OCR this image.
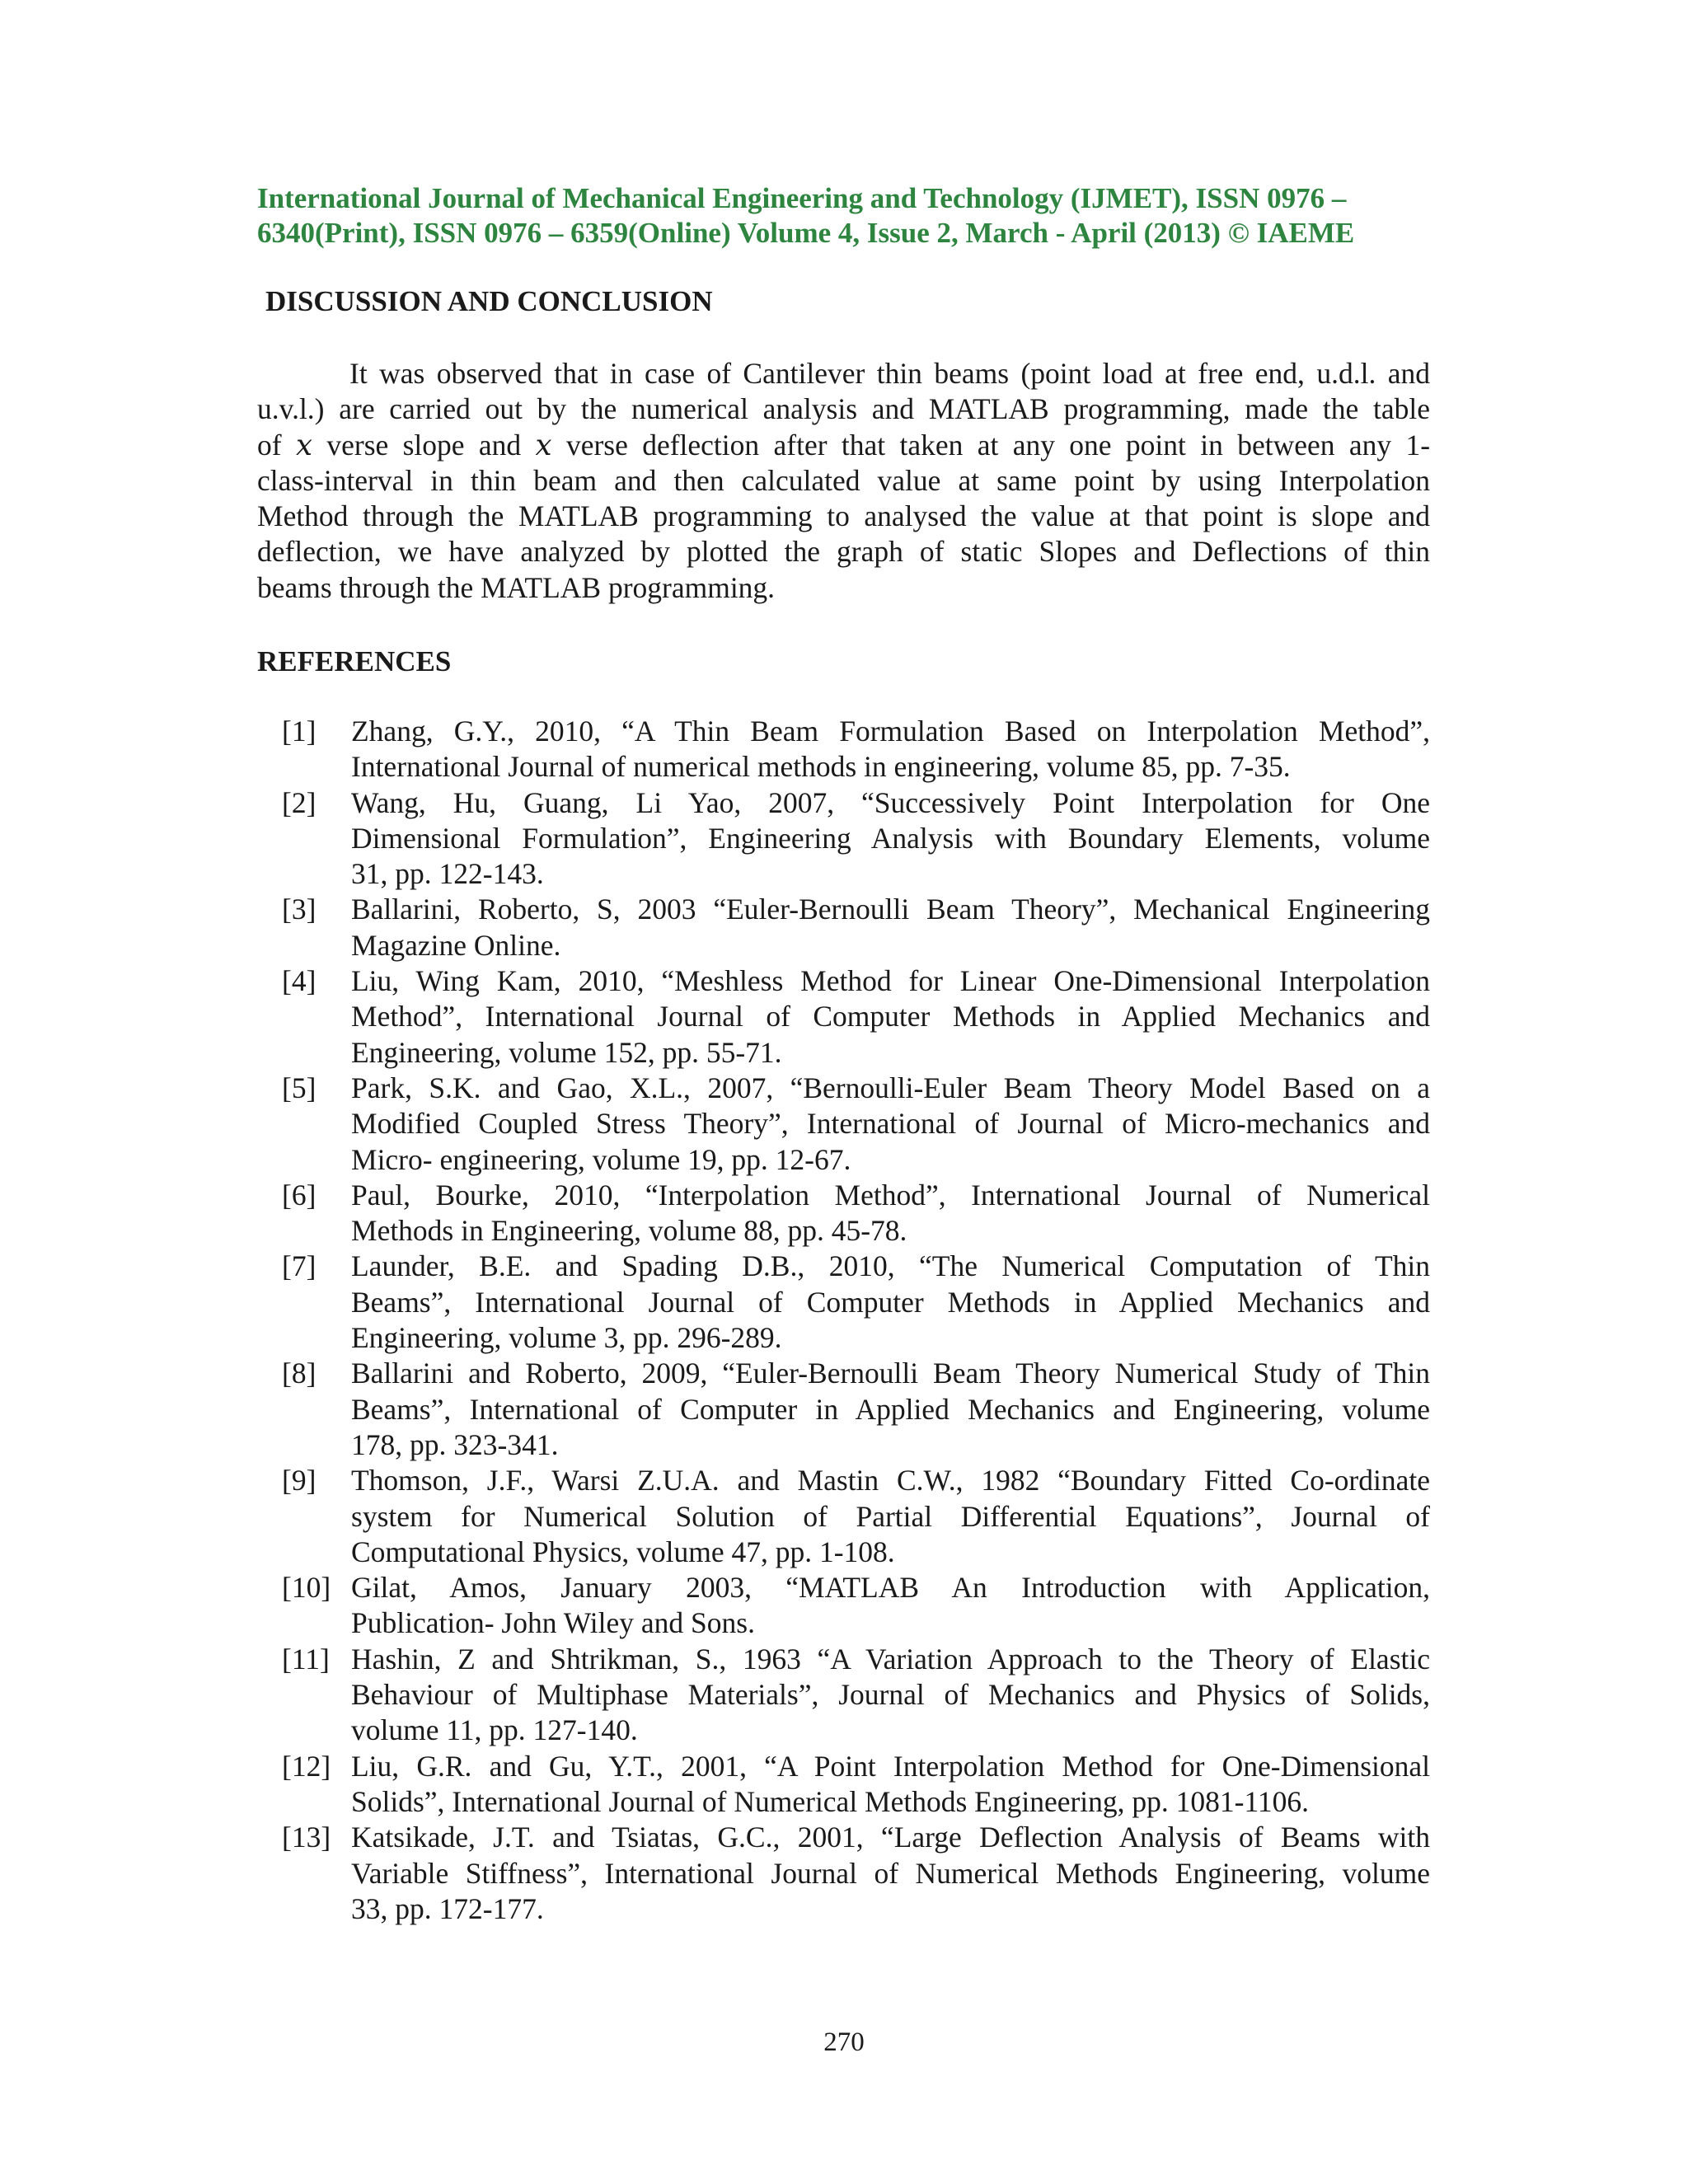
International Journal of Mechanical Engineering and Technology (IJMET), ISSN 0976 –
6340(Print), ISSN 0976 – 6359(Online) Volume 4, Issue 2, March - April (2013) © IAEME
DISCUSSION AND CONCLUSION
It was observed that in case of Cantilever thin beams (point load at free end, u.d.l. and
u.v.l.) are carried out by the numerical analysis and MATLAB programming, made the table
of x verse slope and x verse deflection after that taken at any one point in between any 1-
class-interval in thin beam and then calculated value at same point by using Interpolation
Method through the MATLAB programming to analysed the value at that point is slope and
deflection, we have analyzed by plotted the graph of static Slopes and Deflections of thin
beams through the MATLAB programming.
REFERENCES
[1] Zhang, G.Y., 2010, “A Thin Beam Formulation Based on Interpolation Method”,
International Journal of numerical methods in engineering, volume 85, pp. 7-35.
[2] Wang, Hu, Guang, Li Yao, 2007, “Successively Point Interpolation for One
Dimensional Formulation”, Engineering Analysis with Boundary Elements, volume
31, pp. 122-143.
[3] Ballarini, Roberto, S, 2003 “Euler-Bernoulli Beam Theory”, Mechanical Engineering
Magazine Online.
[4] Liu, Wing Kam, 2010, “Meshless Method for Linear One-Dimensional Interpolation
Method”, International Journal of Computer Methods in Applied Mechanics and
Engineering, volume 152, pp. 55-71.
[5] Park, S.K. and Gao, X.L., 2007, “Bernoulli-Euler Beam Theory Model Based on a
Modified Coupled Stress Theory”, International of Journal of Micro-mechanics and
Micro- engineering, volume 19, pp. 12-67.
[6] Paul, Bourke, 2010, “Interpolation Method”, International Journal of Numerical
Methods in Engineering, volume 88, pp. 45-78.
[7] Launder, B.E. and Spading D.B., 2010, “The Numerical Computation of Thin
Beams”, International Journal of Computer Methods in Applied Mechanics and
Engineering, volume 3, pp. 296-289.
[8] Ballarini and Roberto, 2009, “Euler-Bernoulli Beam Theory Numerical Study of Thin
Beams”, International of Computer in Applied Mechanics and Engineering, volume
178, pp. 323-341.
[9] Thomson, J.F., Warsi Z.U.A. and Mastin C.W., 1982 “Boundary Fitted Co-ordinate
system for Numerical Solution of Partial Differential Equations”, Journal of
Computational Physics, volume 47, pp. 1-108.
[10] Gilat, Amos, January 2003, “MATLAB An Introduction with Application,
Publication- John Wiley and Sons.
[11] Hashin, Z and Shtrikman, S., 1963 “A Variation Approach to the Theory of Elastic
Behaviour of Multiphase Materials”, Journal of Mechanics and Physics of Solids,
volume 11, pp. 127-140.
[12] Liu, G.R. and Gu, Y.T., 2001, “A Point Interpolation Method for One-Dimensional
Solids”, International Journal of Numerical Methods Engineering, pp. 1081-1106.
[13] Katsikade, J.T. and Tsiatas, G.C., 2001, “Large Deflection Analysis of Beams with
Variable Stiffness”, International Journal of Numerical Methods Engineering, volume
33, pp. 172-177.
270
